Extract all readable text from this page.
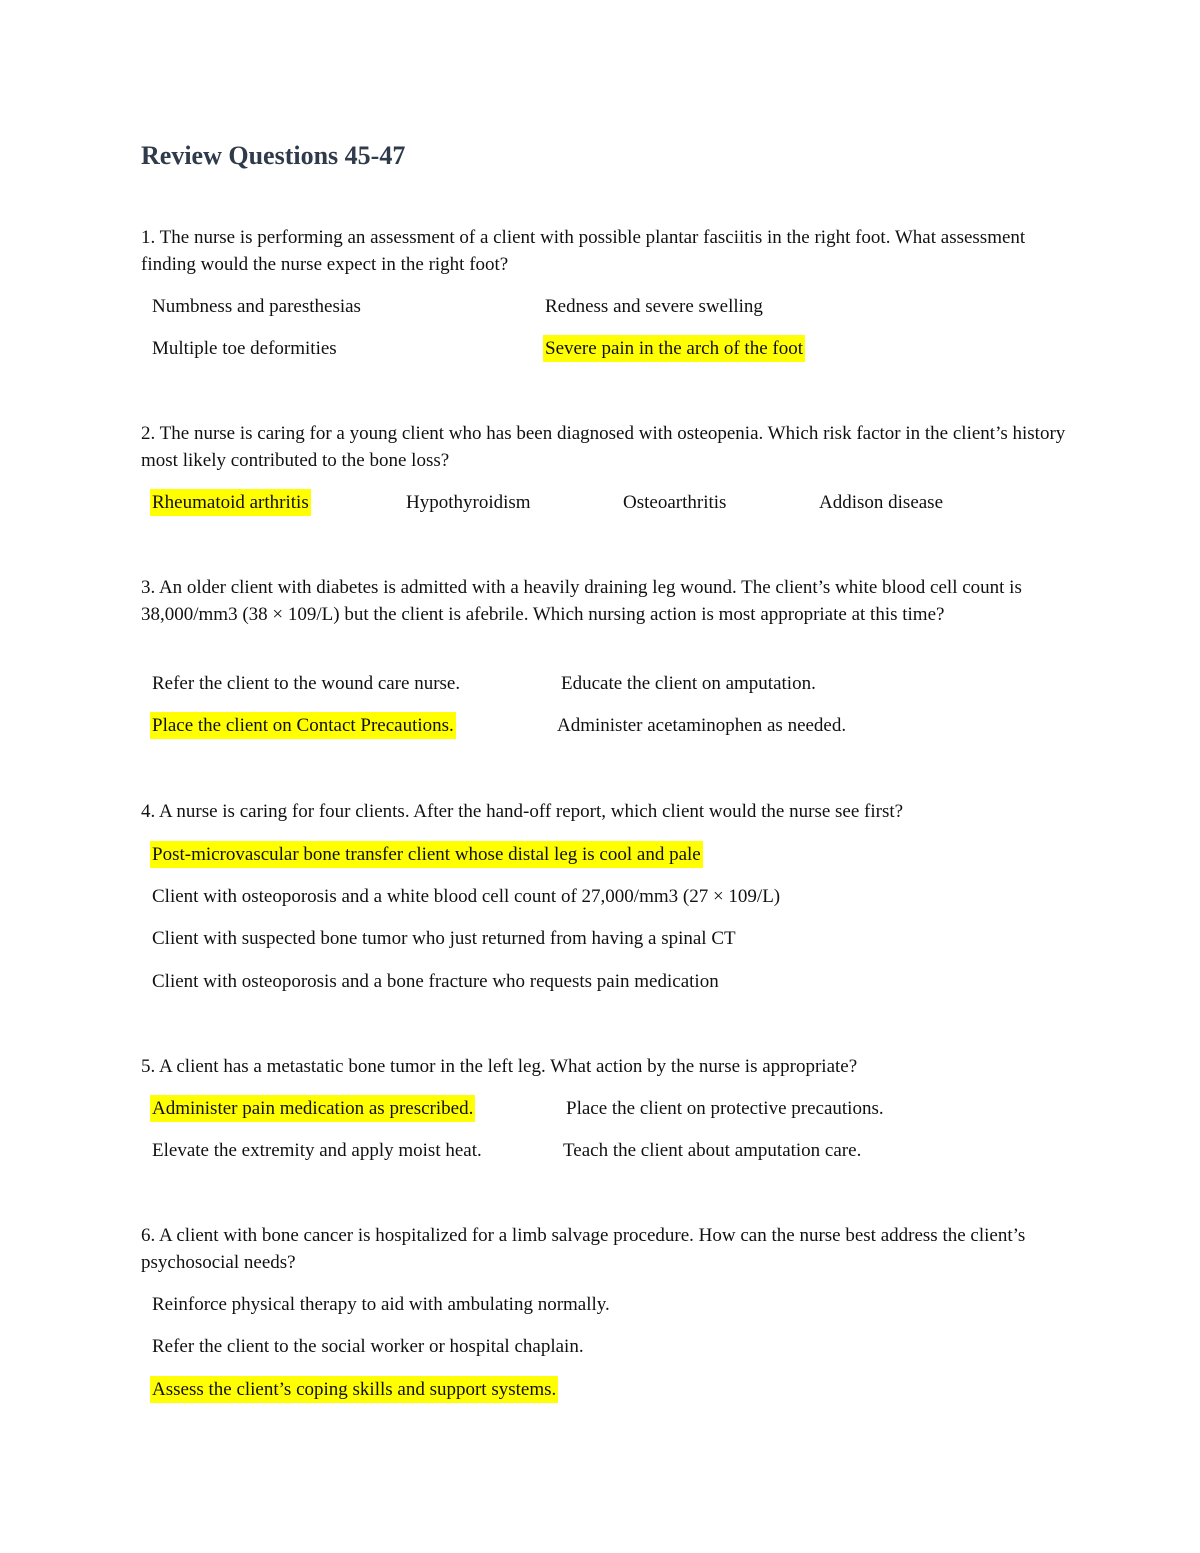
Review Questions 45-47

1. The nurse is performing an assessment of a client with possible plantar fasciitis in the right foot. What assessment finding would the nurse expect in the right foot?

Numbness and paresthesias	Redness and severe swelling
Multiple toe deformities	Severe pain in the arch of the foot

2. The nurse is caring for a young client who has been diagnosed with osteopenia. Which risk factor in the client’s history most likely contributed to the bone loss?

Rheumatoid arthritis	Hypothyroidism	Osteoarthritis	Addison disease

3. An older client with diabetes is admitted with a heavily draining leg wound. The client’s white blood cell count is 38,000/mm3 (38 × 109/L) but the client is afebrile. Which nursing action is most appropriate at this time?

Refer the client to the wound care nurse.	Educate the client on amputation.
Place the client on Contact Precautions.	Administer acetaminophen as needed.

4. A nurse is caring for four clients. After the hand-off report, which client would the nurse see first?

Post-microvascular bone transfer client whose distal leg is cool and pale
Client with osteoporosis and a white blood cell count of 27,000/mm3 (27 × 109/L)
Client with suspected bone tumor who just returned from having a spinal CT
Client with osteoporosis and a bone fracture who requests pain medication

5. A client has a metastatic bone tumor in the left leg. What action by the nurse is appropriate?

Administer pain medication as prescribed.	Place the client on protective precautions.
Elevate the extremity and apply moist heat.	Teach the client about amputation care.

6. A client with bone cancer is hospitalized for a limb salvage procedure. How can the nurse best address the client’s psychosocial needs?

Reinforce physical therapy to aid with ambulating normally.
Refer the client to the social worker or hospital chaplain.
Assess the client’s coping skills and support systems.
